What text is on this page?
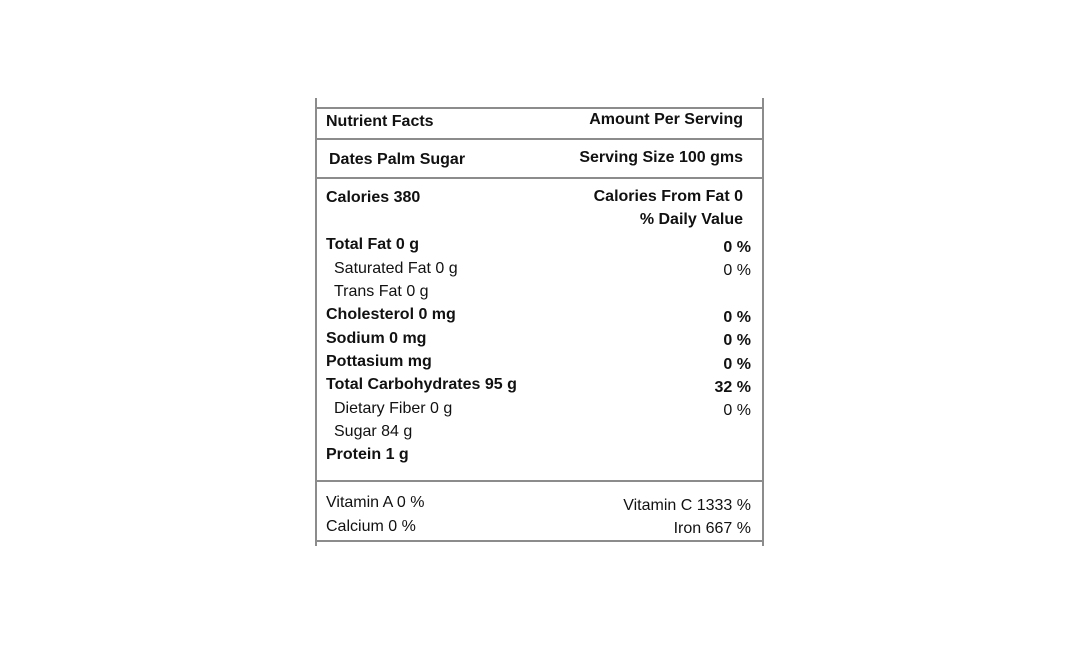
Nutrient Facts	Amount Per Serving
Dates Palm Sugar	Serving Size 100 gms
Calories 380	Calories From Fat 0
% Daily Value
Total Fat 0 g	0 %
Saturated Fat 0 g	0 %
Trans Fat 0 g
Cholesterol 0 mg	0 %
Sodium 0 mg	0 %
Pottasium mg	0 %
Total Carbohydrates 95 g	32 %
Dietary Fiber 0 g	0 %
Sugar 84 g
Protein 1 g
Vitamin A 0 %	Vitamin C 1333 %
Calcium 0 %	Iron 667 %
